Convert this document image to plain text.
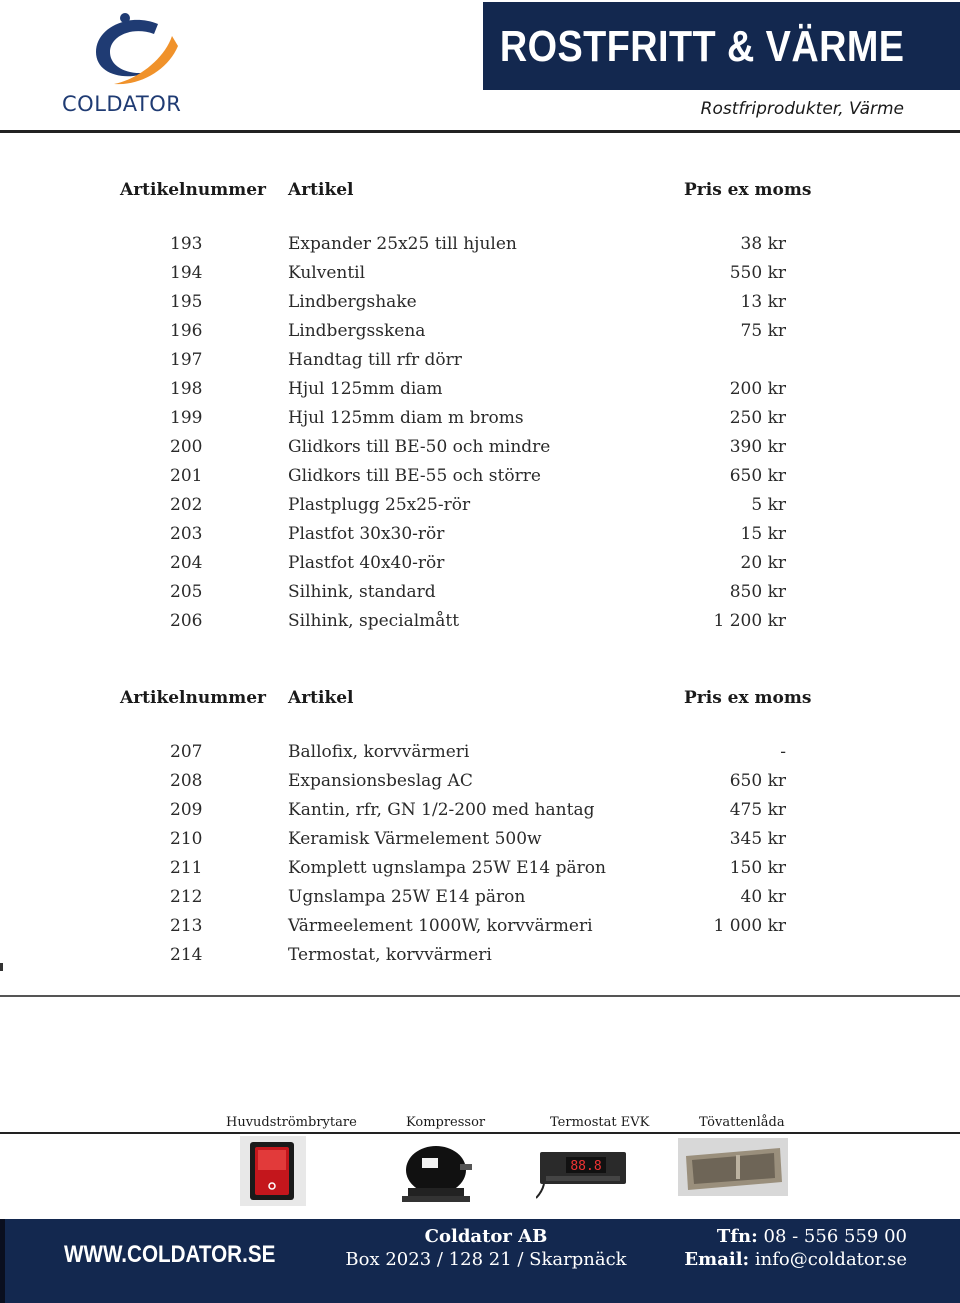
COLDATOR
ROSTFRITT & VÄRME
Rostfriprodukter, Värme
Artikelnummer Artikel	Pris ex moms
193	Expander 25x25 till hjulen	38 kr
194	Kulventil	550 kr
195	Lindbergshake	13 kr
196	Lindbergsskena	75 kr
197	Handtag till rfr dörr
198	Hjul 125mm diam	200 kr
199	Hjul 125mm diam m broms	250 kr
200	Glidkors till BE-50 och mindre	390 kr
201	Glidkors till BE-55 och större	650 kr
202	Plastplugg 25x25-rör	5 kr
203	Plastfot 30x30-rör	15 kr
204	Plastfot 40x40-rör	20 kr
205	Silhink, standard	850 kr
206	Silhink, specialmått	1 200 kr
Artikelnummer Artikel	Pris ex moms
207	Ballofix, korvvärmeri	-
208	Expansionsbeslag AC	650 kr
209	Kantin, rfr, GN 1/2-200 med hantag	475 kr
210	Keramisk Värmelement 500w	345 kr
211	Komplett ugnslampa 25W E14 päron	150 kr
212	Ugnslampa 25W E14 päron	40 kr
213	Värmeelement 1000W, korvvärmeri	1 000 kr
214	Termostat, korvvärmeri
Huvudströmbrytare	Kompressor	Termostat EVK	Tövattenlåda
88.8
WWW.COLDATOR.SE
Coldator AB
Box 2023 / 128 21 / Skarpnäck
Tfn: 08 - 556 559 00
Email: info@coldator.se
